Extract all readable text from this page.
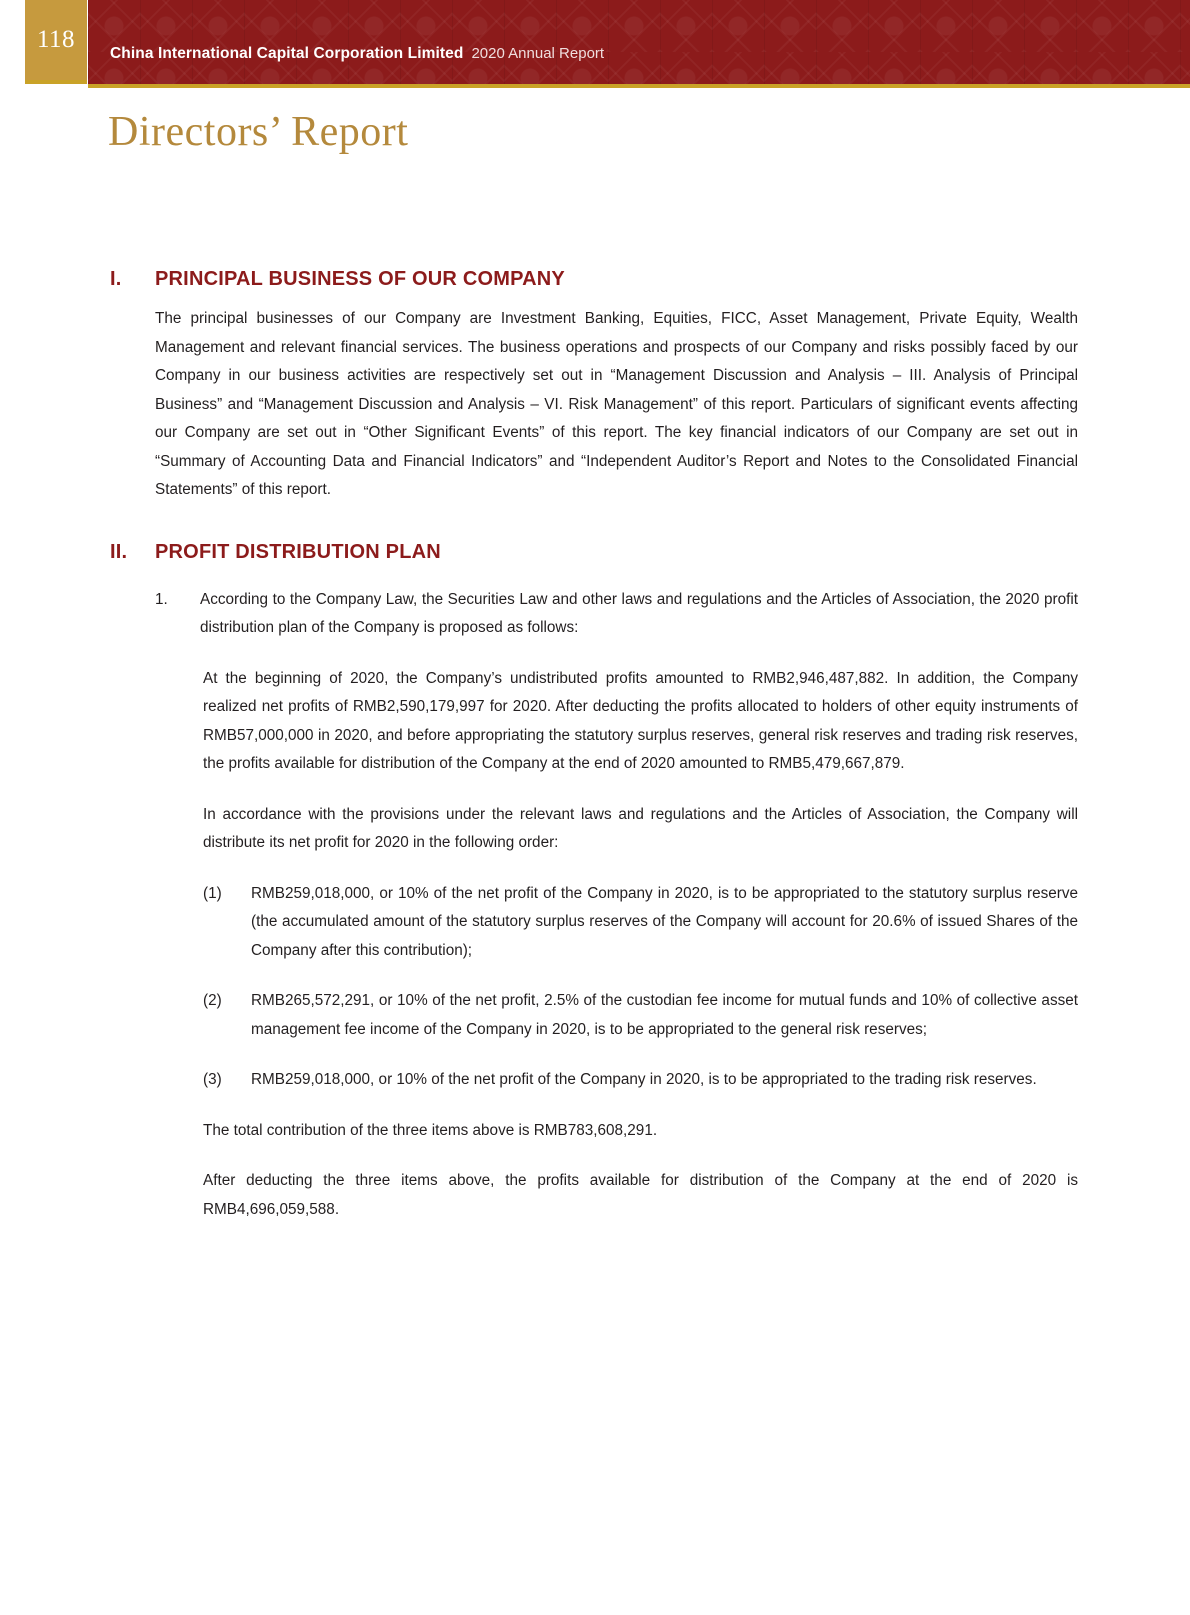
118
China International Capital Corporation Limited 2020 Annual Report
Directors’ Report
I.	PRINCIPAL BUSINESS OF OUR COMPANY

The principal businesses of our Company are Investment Banking, Equities, FICC, Asset Management, Private Equity, Wealth Management and relevant financial services. The business operations and prospects of our Company and risks possibly faced by our Company in our business activities are respectively set out in “Management Discussion and Analysis – III. Analysis of Principal Business” and “Management Discussion and Analysis – VI. Risk Management” of this report. Particulars of significant events affecting our Company are set out in “Other Significant Events” of this report. The key financial indicators of our Company are set out in “Summary of Accounting Data and Financial Indicators” and “Independent Auditor’s Report and Notes to the Consolidated Financial Statements” of this report.

II.	PROFIT DISTRIBUTION PLAN
1.	According to the Company Law, the Securities Law and other laws and regulations and the Articles of Association, the 2020 profit distribution plan of the Company is proposed as follows:
At the beginning of 2020, the Company’s undistributed profits amounted to RMB2,946,487,882. In addition, the Company realized net profits of RMB2,590,179,997 for 2020. After deducting the profits allocated to holders of other equity instruments of RMB57,000,000 in 2020, and before appropriating the statutory surplus reserves, general risk reserves and trading risk reserves, the profits available for distribution of the Company at the end of 2020 amounted to RMB5,479,667,879.
In accordance with the provisions under the relevant laws and regulations and the Articles of Association, the Company will distribute its net profit for 2020 in the following order:
(1)	RMB259,018,000, or 10% of the net profit of the Company in 2020, is to be appropriated to the statutory surplus reserve (the accumulated amount of the statutory surplus reserves of the Company will account for 20.6% of issued Shares of the Company after this contribution);
(2)	RMB265,572,291, or 10% of the net profit, 2.5% of the custodian fee income for mutual funds and 10% of collective asset management fee income of the Company in 2020, is to be appropriated to the general risk reserves;
(3)	RMB259,018,000, or 10% of the net profit of the Company in 2020, is to be appropriated to the trading risk reserves.
The total contribution of the three items above is RMB783,608,291.
After deducting the three items above, the profits available for distribution of the Company at the end of 2020 is RMB4,696,059,588.
